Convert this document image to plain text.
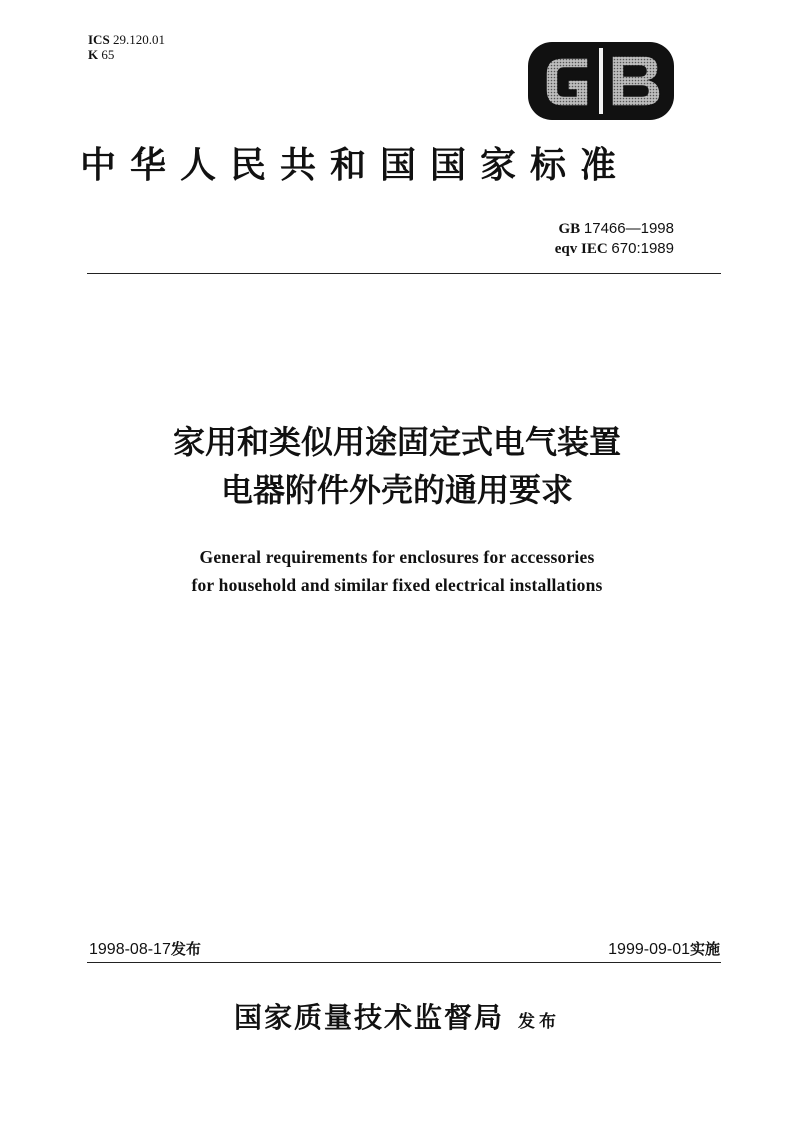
ICS 29.120.01
K 65
中华人民共和国国家标准
GB 17466—1998
eqv IEC 670:1989
家用和类似用途固定式电气装置
电器附件外壳的通用要求
General requirements for enclosures for accessories
for household and similar fixed electrical installations
1998-08-17发布	1999-09-01实施
国家质量技术监督局 发布
